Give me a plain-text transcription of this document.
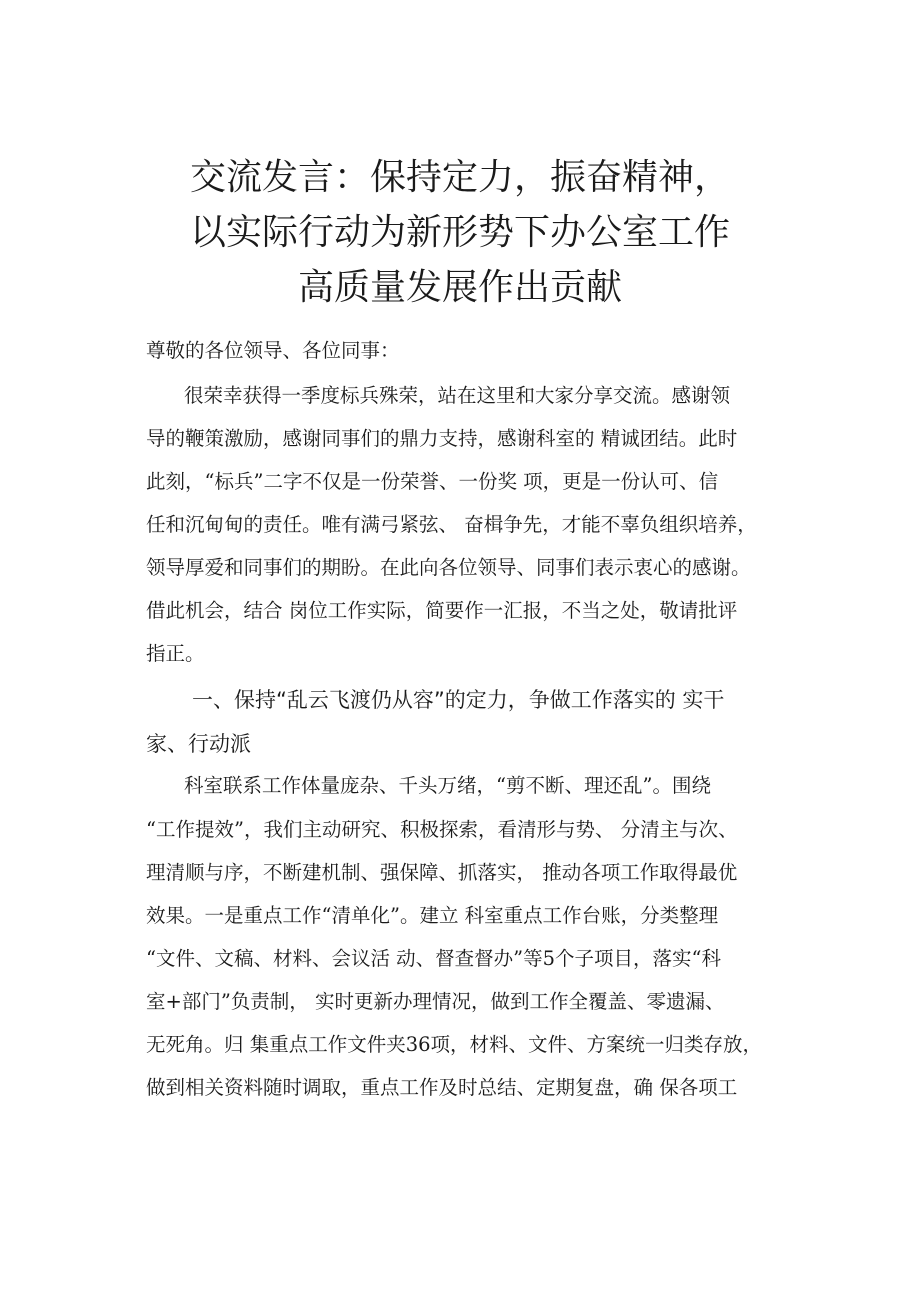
交流发言：保持定力，振奋精神，
以实际行动为新形势下办公室工作
高质量发展作出贡献
尊敬的各位领导、各位同事：
很荣幸获得一季度标兵殊荣，站在这里和大家分享交流。感谢领
导的鞭策激励，感谢同事们的鼎力支持，感谢科室的 精诚团结。此时
此刻，“标兵”二字不仅是一份荣誉、一份奖 项，更是一份认可、信
任和沉甸甸的责任。唯有满弓紧弦、 奋楫争先，才能不辜负组织培养，
领导厚爱和同事们的期盼。在此向各位领导、同事们表示衷心的感谢。
借此机会，结合 岗位工作实际，简要作一汇报，不当之处，敬请批评
指正。
一、保持“乱云飞渡仍从容”的定力，争做工作落实的 实干
家、行动派
科室联系工作体量庞杂、千头万绪，“剪不断、理还乱”。围绕
“工作提效”，我们主动研究、积极探索，看清形与势、 分清主与次、
理清顺与序，不断建机制、强保障、抓落实， 推动各项工作取得最优
效果。一是重点工作“清单化”。建立 科室重点工作台账，分类整理
“文件、文稿、材料、会议活 动、督查督办”等5个子项目，落实“科
室+部门”负责制， 实时更新办理情况，做到工作全覆盖、零遗漏、
无死角。归 集重点工作文件夹36项，材料、文件、方案统一归类存放，
做到相关资料随时调取，重点工作及时总结、定期复盘，确 保各项工
